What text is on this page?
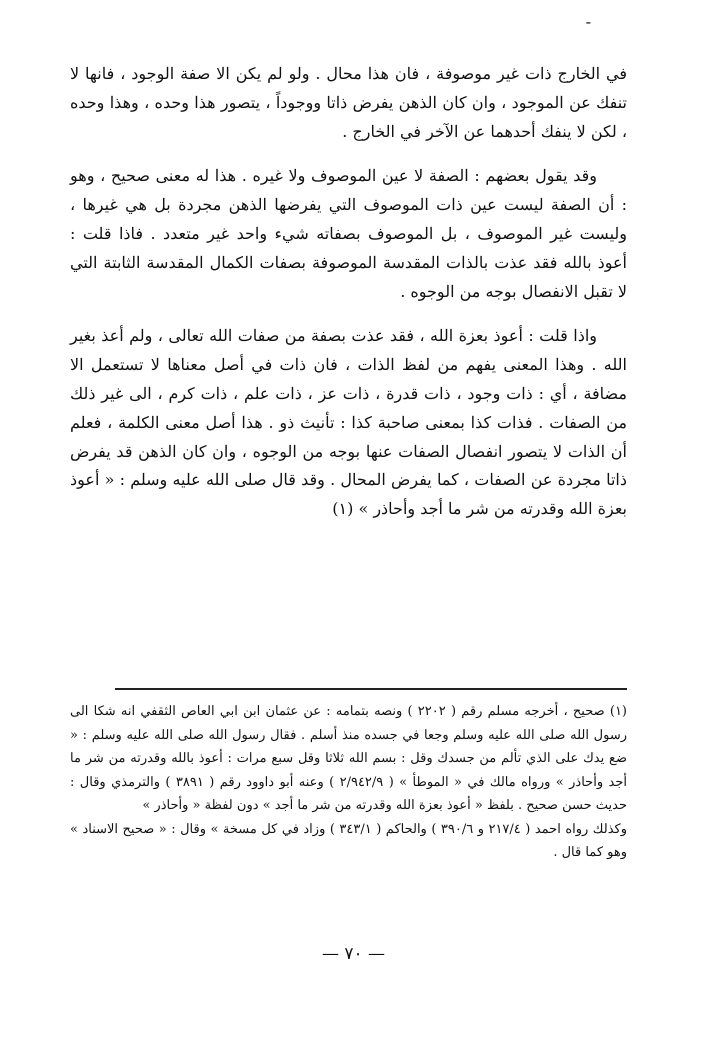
-

في الخارج ذات غير موصوفة ، فان هذا محال . ولو لم يكن الا صفة الوجود ، فانها لا تنفك عن الموجود ، وان كان الذهن يفرض ذاتا ووجوداً ، يتصور هذا وحده ، وهذا وحده ، لكن لا ينفك أحدهما عن الآخر في الخارج .

وقد يقول بعضهم : الصفة لا عين الموصوف ولا غيره . هذا له معنى صحيح ، وهو : أن الصفة ليست عين ذات الموصوف التي يفرضها الذهن مجردة بل هي غيرها ، وليست غير الموصوف ، بل الموصوف بصفاته شيء واحد غير متعدد . فاذا قلت : أعوذ بالله فقد عذت بالذات المقدسة الموصوفة بصفات الكمال المقدسة الثابتة التي لا تقبل الانفصال بوجه من الوجوه .

واذا قلت : أعوذ بعزة الله ، فقد عذت بصفة من صفات الله تعالى ، ولم أعذ بغير الله . وهذا المعنى يفهم من لفظ الذات ، فان ذات في أصل معناها لا تستعمل الا مضافة ، أي : ذات وجود ، ذات قدرة ، ذات عز ، ذات علم ، ذات كرم ، الى غير ذلك من الصفات . فذات كذا بمعنى صاحبة كذا : تأنيث ذو . هذا أصل معنى الكلمة ، فعلم أن الذات لا يتصور انفصال الصفات عنها بوجه من الوجوه ، وان كان الذهن قد يفرض ذاتا مجردة عن الصفات ، كما يفرض المحال . وقد قال صلى الله عليه وسلم : « أعوذ بعزة الله وقدرته من شر ما أجد وأحاذر » (١)

(١) صحيح ، أخرجه مسلم رقم ( ٢٢٠٢ ) ونصه بتمامه : عن عثمان ابن ابي العاص الثقفي انه شكا الى رسول الله صلى الله عليه وسلم وجعا في جسده منذ أسلم . فقال رسول الله صلى الله عليه وسلم : « ضع يدك على الذي تألم من جسدك وقل : بسم الله ثلاثا وقل سبع مرات : أعوذ بالله وقدرته من شر ما أجد وأحاذر » ورواه مالك في « الموطأ » ( ٢/٩٤٢/٩ ) وعنه أبو داوود رقم ( ٣٨٩١ ) والترمذي وقال : حديث حسن صحيح . بلفظ « أعوذ بعزة الله وقدرته من شر ما أجد » دون لفظة « وأحاذر »

وكذلك رواه احمد ( ٢١٧/٤ و ٣٩٠/٦ ) والحاكم ( ٣٤٣/١ ) وزاد في كل مسخة » وقال : « صحيح الاسناد » وهو كما قال .

— ٧٠ —
